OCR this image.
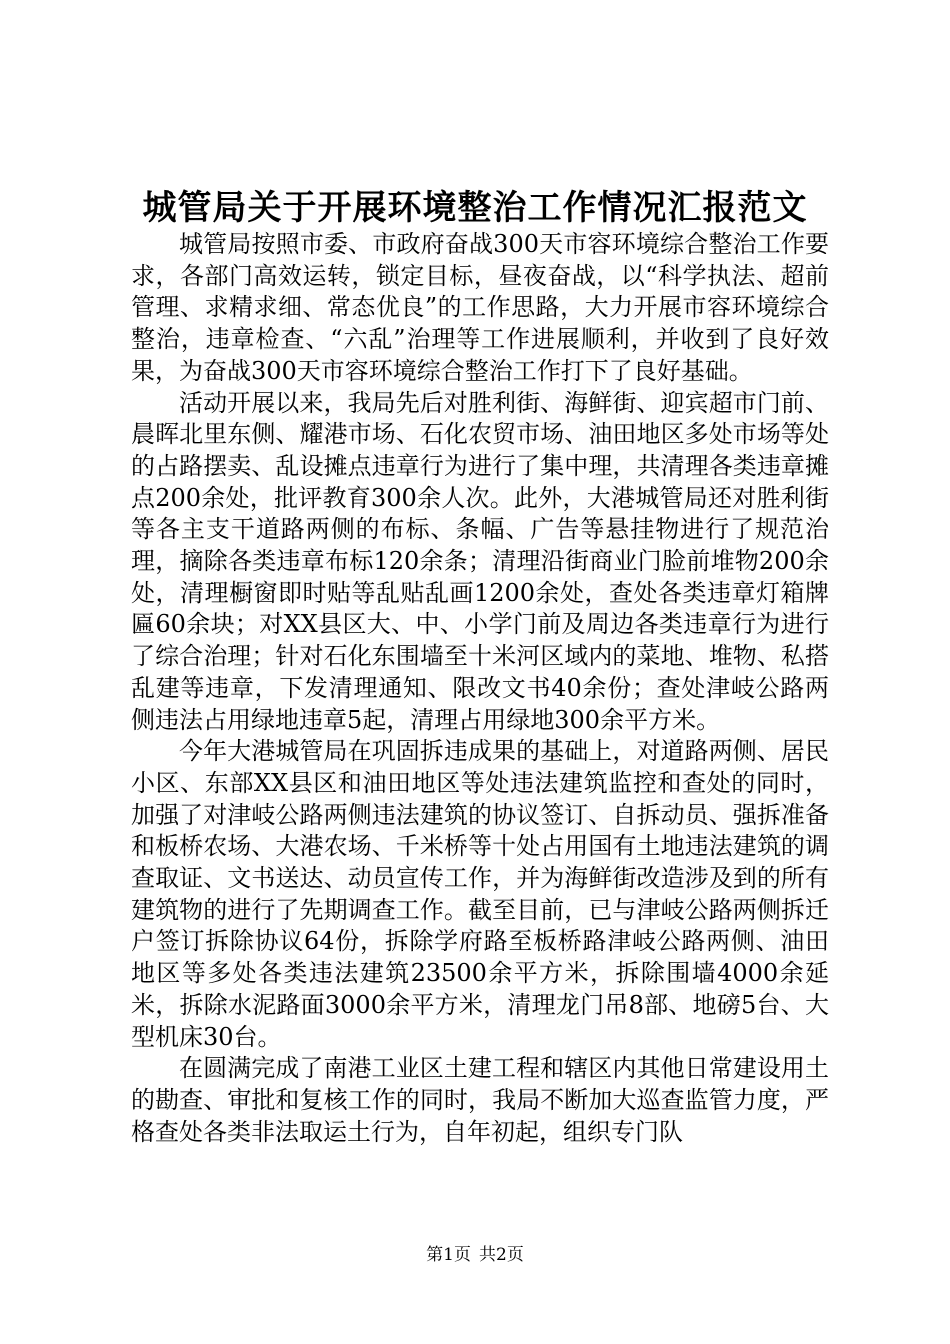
城管局关于开展环境整治工作情况汇报范文

城管局按照市委、市政府奋战300天市容环境综合整治工作要求，各部门高效运转，锁定目标，昼夜奋战，以“科学执法、超前管理、求精求细、常态优良”的工作思路，大力开展市容环境综合整治，违章检查、“六乱”治理等工作进展顺利，并收到了良好效果，为奋战300天市容环境综合整治工作打下了良好基础。

活动开展以来，我局先后对胜利街、海鲜街、迎宾超市门前、晨晖北里东侧、耀港市场、石化农贸市场、油田地区多处市场等处的占路摆卖、乱设摊点违章行为进行了集中理，共清理各类违章摊点200余处，批评教育300余人次。此外，大港城管局还对胜利街等各主支干道路两侧的布标、条幅、广告等悬挂物进行了规范治理，摘除各类违章布标120余条；清理沿街商业门脸前堆物200余处，清理橱窗即时贴等乱贴乱画1200余处，查处各类违章灯箱牌匾60余块；对XX县区大、中、小学门前及周边各类违章行为进行了综合治理；针对石化东围墙至十米河区域内的菜地、堆物、私搭乱建等违章，下发清理通知、限改文书40余份；查处津岐公路两侧违法占用绿地违章5起，清理占用绿地300余平方米。

今年大港城管局在巩固拆违成果的基础上，对道路两侧、居民小区、东部XX县区和油田地区等处违法建筑监控和查处的同时，加强了对津岐公路两侧违法建筑的协议签订、自拆动员、强拆准备和板桥农场、大港农场、千米桥等十处占用国有土地违法建筑的调查取证、文书送达、动员宣传工作，并为海鲜街改造涉及到的所有建筑物的进行了先期调查工作。截至目前，已与津岐公路两侧拆迁户签订拆除协议64份，拆除学府路至板桥路津岐公路两侧、油田地区等多处各类违法建筑23500余平方米，拆除围墙4000余延米，拆除水泥路面3000余平方米，清理龙门吊8部、地磅5台、大型机床30台。

在圆满完成了南港工业区土建工程和辖区内其他日常建设用土的勘查、审批和复核工作的同时，我局不断加大巡查监管力度，严格查处各类非法取运土行为，自年初起，组织专门队

第1页 共2页
